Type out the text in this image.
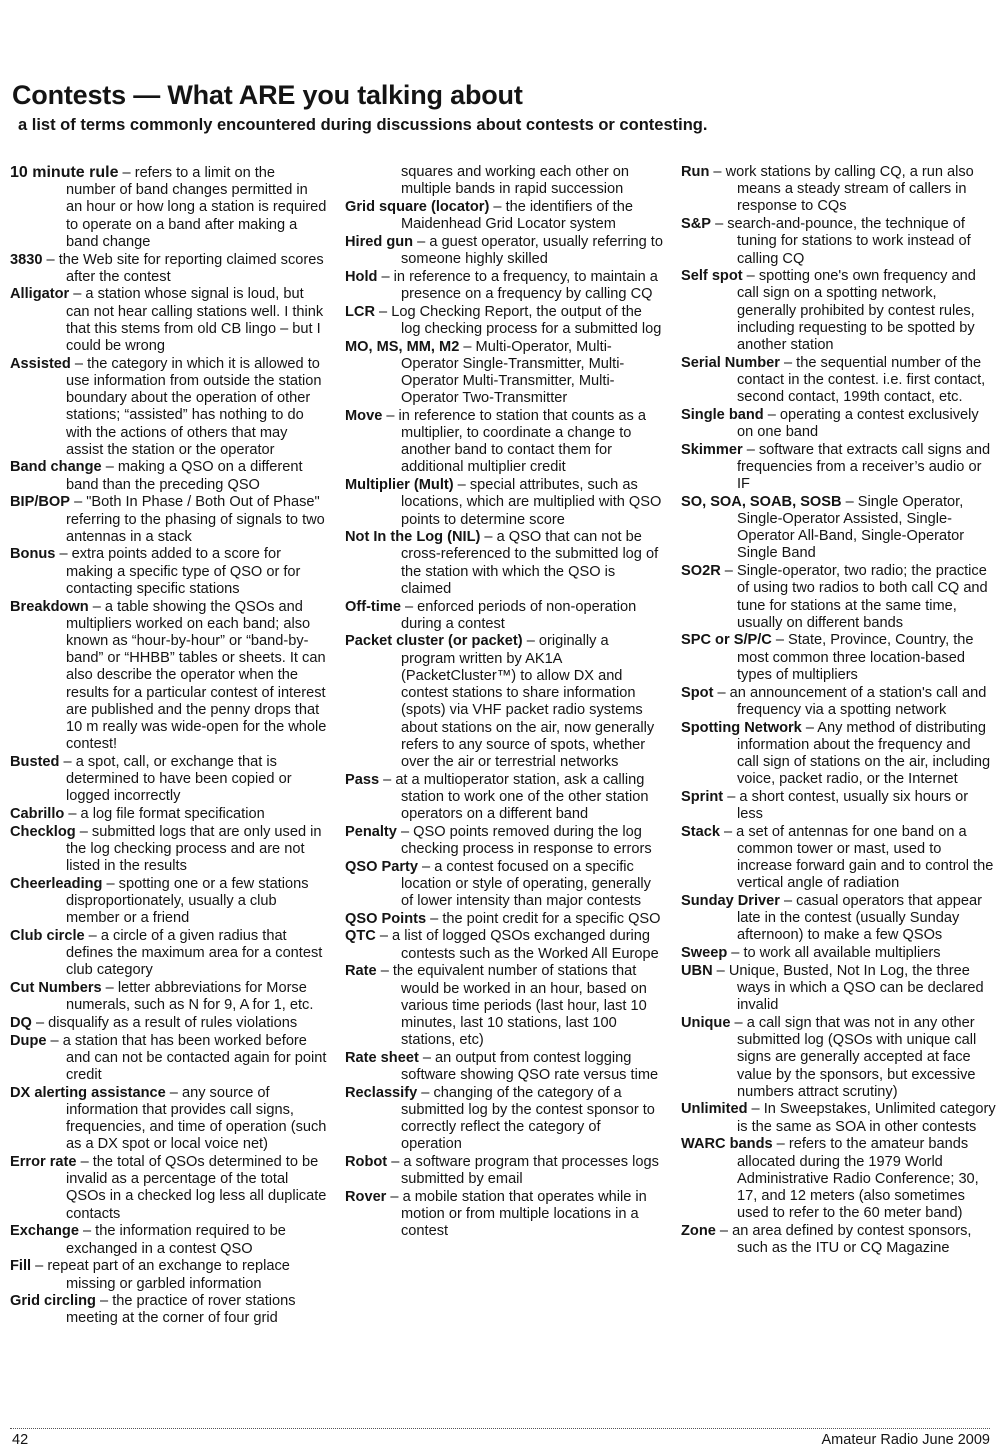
Contests — What ARE you talking about
a list of terms commonly encountered during discussions about contests or contesting.
10 minute rule – refers to a limit on the number of band changes permitted in an hour or how long a station is required to operate on a band after making a band change
3830 – the Web site for reporting claimed scores after the contest
Alligator – a station whose signal is loud, but can not hear calling stations well. I think that this stems from old CB lingo – but I could be wrong
Assisted – the category in which it is allowed to use information from outside the station boundary about the operation of other stations; “assisted” has nothing to do with the actions of others that may assist the station or the operator
Band change – making a QSO on a different band than the preceding QSO
BIP/BOP – "Both In Phase / Both Out of Phase" referring to the phasing of signals to two antennas in a stack
Bonus – extra points added to a score for making a specific type of QSO or for contacting specific stations
Breakdown – a table showing the QSOs and multipliers worked on each band; also known as “hour-by-hour” or “band-by-band” or “HHBB” tables or sheets. It can also describe the operator when the results for a particular contest of interest are published and the penny drops that 10 m really was wide-open for the whole contest!
Busted – a spot, call, or exchange that is determined to have been copied or logged incorrectly
Cabrillo – a log file format specification
Checklog – submitted logs that are only used in the log checking process and are not listed in the results
Cheerleading – spotting one or a few stations disproportionately, usually a club member or a friend
Club circle – a circle of a given radius that defines the maximum area for a contest club category
Cut Numbers – letter abbreviations for Morse numerals, such as N for 9, A for 1, etc.
DQ – disqualify as a result of rules violations
Dupe – a station that has been worked before and can not be contacted again for point credit
DX alerting assistance – any source of information that provides call signs, frequencies, and time of operation (such as a DX spot or local voice net)
Error rate – the total of QSOs determined to be invalid as a percentage of the total QSOs in a checked log less all duplicate contacts
Exchange – the information required to be exchanged in a contest QSO
Fill – repeat part of an exchange to replace missing or garbled information
Grid circling – the practice of rover stations meeting at the corner of four grid
squares and working each other on multiple bands in rapid succession
Grid square (locator) – the identifiers of the Maidenhead Grid Locator system
Hired gun – a guest operator, usually referring to someone highly skilled
Hold – in reference to a frequency, to maintain a presence on a frequency by calling CQ
LCR – Log Checking Report, the output of the log checking process for a submitted log
MO, MS, MM, M2 – Multi-Operator, Multi-Operator Single-Transmitter, Multi-Operator Multi-Transmitter, Multi-Operator Two-Transmitter
Move – in reference to station that counts as a multiplier, to coordinate a change to another band to contact them for additional multiplier credit
Multiplier (Mult) – special attributes, such as locations, which are multiplied with QSO points to determine score
Not In the Log (NIL) – a QSO that can not be cross-referenced to the submitted log of the station with which the QSO is claimed
Off-time – enforced periods of non-operation during a contest
Packet cluster (or packet) – originally a program written by AK1A (PacketCluster™) to allow DX and contest stations to share information (spots) via VHF packet radio systems about stations on the air, now generally refers to any source of spots, whether over the air or terrestrial networks
Pass – at a multioperator station, ask a calling station to work one of the other station operators on a different band
Penalty – QSO points removed during the log checking process in response to errors
QSO Party – a contest focused on a specific location or style of operating, generally of lower intensity than major contests
QSO Points – the point credit for a specific QSO
QTC – a list of logged QSOs exchanged during contests such as the Worked All Europe
Rate – the equivalent number of stations that would be worked in an hour, based on various time periods (last hour, last 10 minutes, last 10 stations, last 100 stations, etc)
Rate sheet – an output from contest logging software showing QSO rate versus time
Reclassify – changing of the category of a submitted log by the contest sponsor to correctly reflect the category of operation
Robot – a software program that processes logs submitted by email
Rover – a mobile station that operates while in motion or from multiple locations in a contest
Run – work stations by calling CQ, a run also means a steady stream of callers in response to CQs
S&P – search-and-pounce, the technique of tuning for stations to work instead of calling CQ
Self spot – spotting one's own frequency and call sign on a spotting network, generally prohibited by contest rules, including requesting to be spotted by another station
Serial Number – the sequential number of the contact in the contest. i.e. first contact, second contact, 199th contact, etc.
Single band – operating a contest exclusively on one band
Skimmer – software that extracts call signs and frequencies from a receiver’s audio or IF
SO, SOA, SOAB, SOSB – Single Operator, Single-Operator Assisted, Single-Operator All-Band, Single-Operator Single Band
SO2R – Single-operator, two radio; the practice of using two radios to both call CQ and tune for stations at the same time, usually on different bands
SPC or S/P/C – State, Province, Country, the most common three location-based types of multipliers
Spot – an announcement of a station's call and frequency via a spotting network
Spotting Network – Any method of distributing information about the frequency and call sign of stations on the air, including voice, packet radio, or the Internet
Sprint – a short contest, usually six hours or less
Stack – a set of antennas for one band on a common tower or mast, used to increase forward gain and to control the vertical angle of radiation
Sunday Driver – casual operators that appear late in the contest (usually Sunday afternoon) to make a few QSOs
Sweep – to work all available multipliers
UBN – Unique, Busted, Not In Log, the three ways in which a QSO can be declared invalid
Unique – a call sign that was not in any other submitted log (QSOs with unique call signs are generally accepted at face value by the sponsors, but excessive numbers attract scrutiny)
Unlimited – In Sweepstakes, Unlimited category is the same as SOA in other contests
WARC bands – refers to the amateur bands allocated during the 1979 World Administrative Radio Conference; 30, 17, and 12 meters (also sometimes used to refer to the 60 meter band)
Zone – an area defined by contest sponsors, such as the ITU or CQ Magazine
42	Amateur Radio June 2009
